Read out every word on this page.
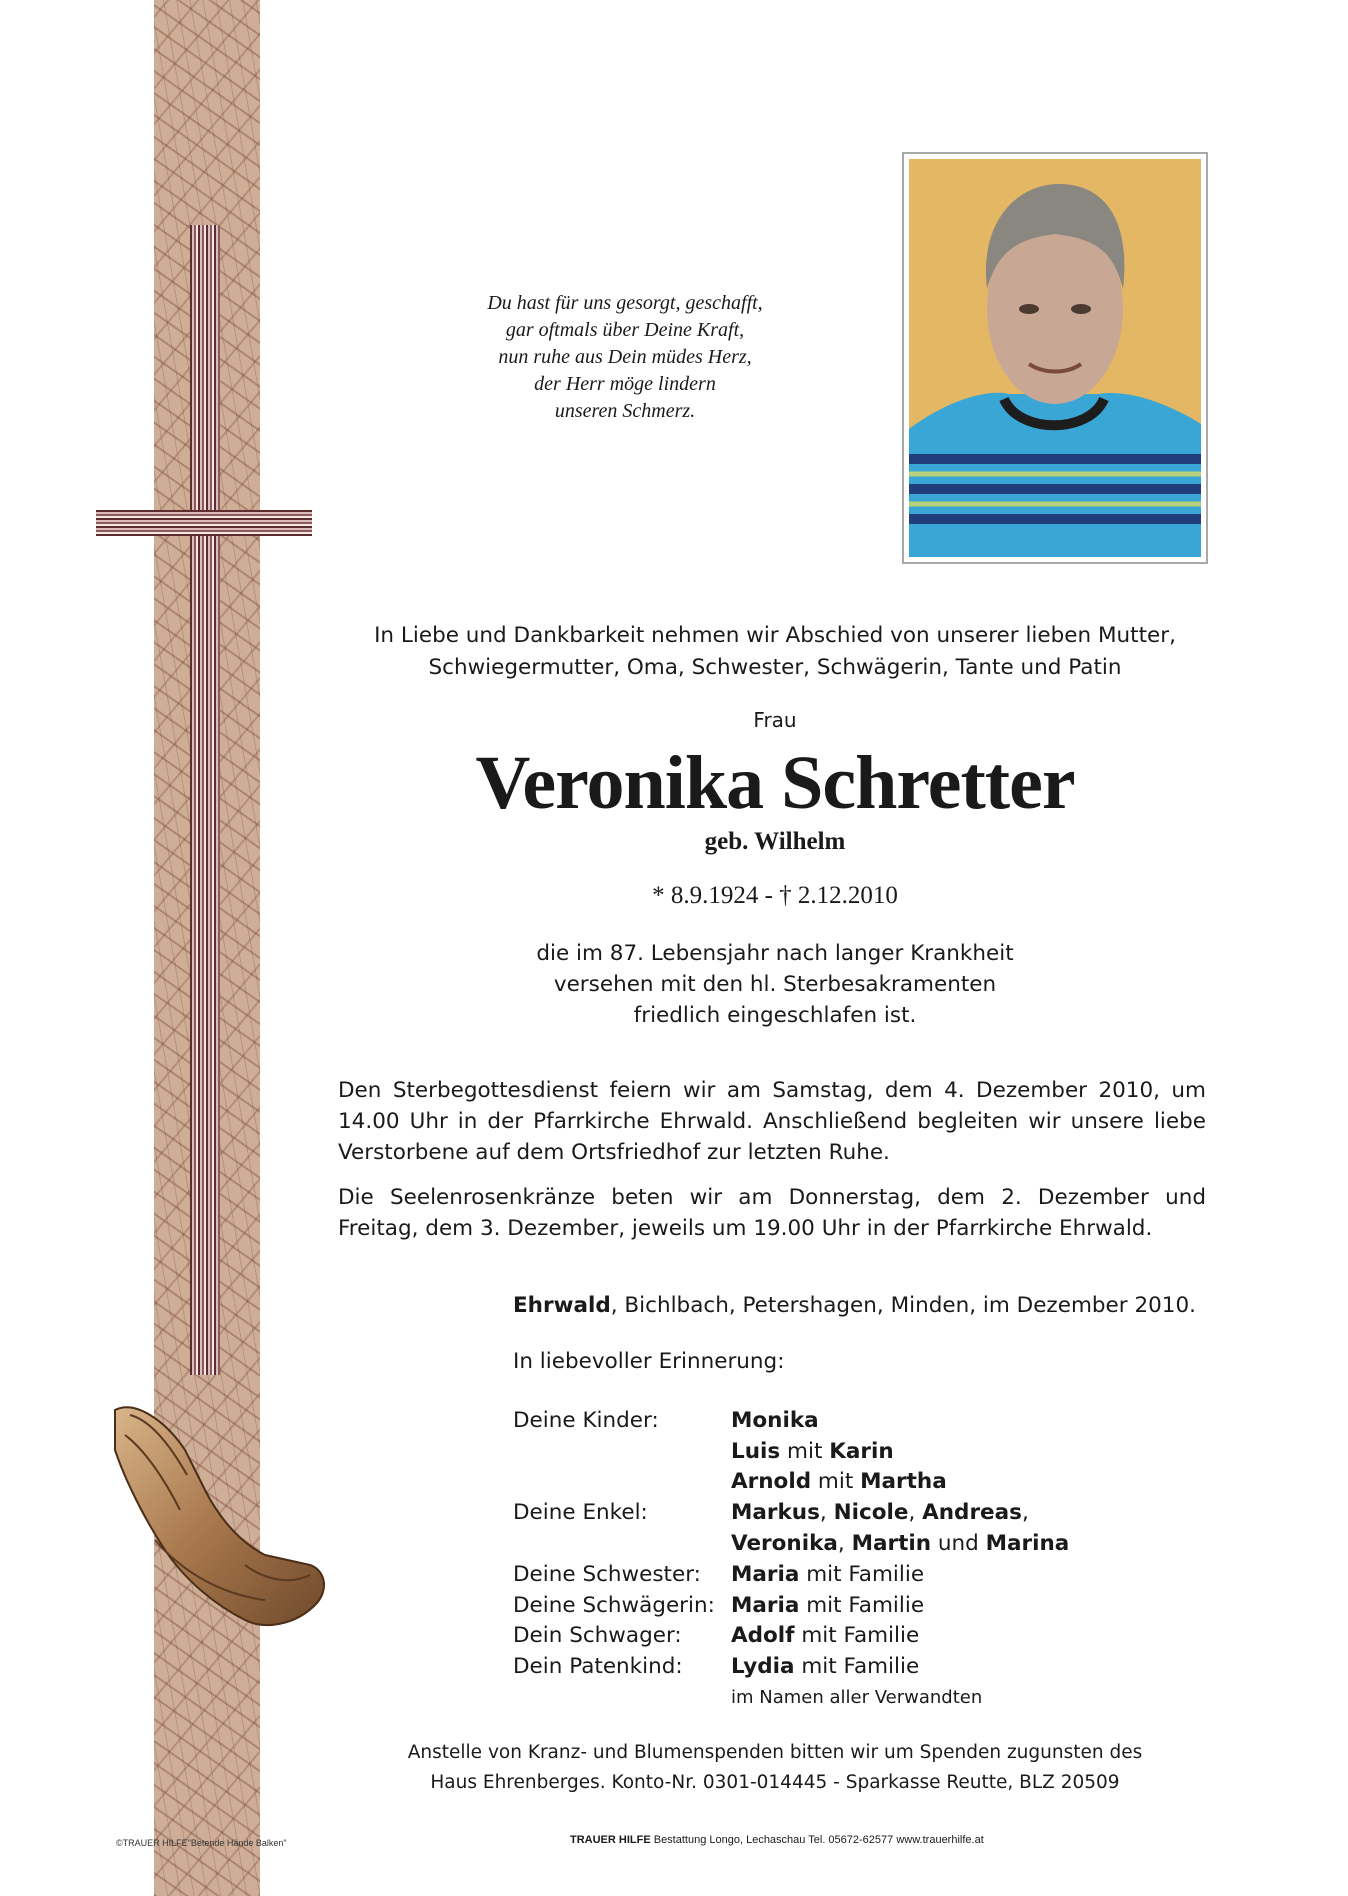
©TRAUER HILFE"Betende Hände Balken"
Du hast für uns gesorgt, geschafft,
gar oftmals über Deine Kraft,
nun ruhe aus Dein müdes Herz,
der Herr möge lindern
unseren Schmerz.
In Liebe und Dankbarkeit nehmen wir Abschied von unserer lieben Mutter,
Schwiegermutter, Oma, Schwester, Schwägerin, Tante und Patin
Frau
Veronika Schretter
geb. Wilhelm
* 8.9.1924 - † 2.12.2010
die im 87. Lebensjahr nach langer Krankheit
versehen mit den hl. Sterbesakramenten
friedlich eingeschlafen ist.
Den Sterbegottesdienst feiern wir am Samstag, dem 4. Dezember 2010, um 14.00 Uhr in der Pfarrkirche Ehrwald. Anschließend begleiten wir unsere liebe Verstorbene auf dem Ortsfriedhof zur letzten Ruhe.
Die Seelenrosenkränze beten wir am Donnerstag, dem 2. Dezember und Freitag, dem 3. Dezember, jeweils um 19.00 Uhr in der Pfarrkirche Ehrwald.
Ehrwald, Bichlbach, Petershagen, Minden, im Dezember 2010.
In liebevoller Erinnerung:
Deine Kinder:	Monika
Luis mit Karin
Arnold mit Martha
Deine Enkel:	Markus, Nicole, Andreas,
Veronika, Martin und Marina
Deine Schwester:	Maria mit Familie
Deine Schwägerin: Maria mit Familie
Dein Schwager:	Adolf mit Familie
Dein Patenkind:	Lydia mit Familie
im Namen aller Verwandten
Anstelle von Kranz- und Blumenspenden bitten wir um Spenden zugunsten des
Haus Ehrenberges. Konto-Nr. 0301-014445 - Sparkasse Reutte, BLZ 20509
TRAUER HILFE Bestattung Longo, Lechaschau Tel. 05672-62577 www.trauerhilfe.at
